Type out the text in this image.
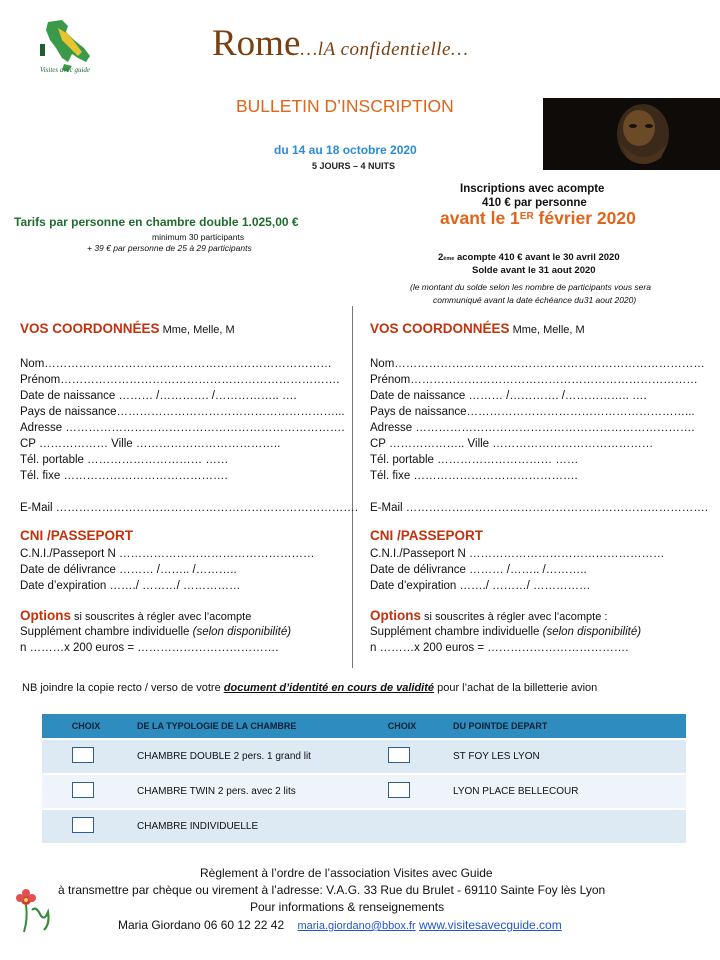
Visites avec guide
Rome…lA confidentielle…
BULLETIN D’INSCRIPTION
du 14 au 18 octobre 2020
5 JOURS – 4 NUITS
Inscriptions avec acompte
410 € par personne
avant le 1ER février 2020
Tarifs par personne en chambre double 1.025,00 €
minimum 30 participants
+ 39 € par personne de 25 à 29 participants
2ème acompte 410 € avant le 30 avril 2020
Solde avant le 31 aout 2020
(le montant du solde selon les nombre de participants vous sera
communiqué avant la date échéance du31 aout 2020)
VOS COORDONNÉES Mme, Melle, M
Nom…………………………………………………………………
Prénom……………………………………………………………….
Date de naissance ……… /…………. /…………….. ….
Pays de naissance…………………………………………………...
Adresse ……………………………………………………………….
CP ……………… Ville ………………………………..
Tél. portable ………………………… ……
Tél. fixe …………………………………….
E-Mail …………………………………………………………………….
CNI /PASSEPORT
C.N.I./Passeport N ……………………………………………
Date de délivrance ……… /…….. /………..
Date d’expiration ……./ ………/ ……………
Options si souscrites à régler avec l’acompte
Supplément chambre individuelle (selon disponibilité)
n ………x 200 euros = ……………………………….
VOS COORDONNÉES Mme, Melle, M
Nom………………………………………………………………………
Prénom…………………………………………………………………
Date de naissance ……… /…………. /…………….. ….
Pays de naissance…………………………………………………...
Adresse ……………………………………………………………….
CP ……………….. Ville ……………………………………
Tél. portable ………………………… ……
Tél. fixe …………………………………….
E-Mail …………………………………………………………………….
CNI /PASSEPORT
C.N.I./Passeport N ……………………………………………
Date de délivrance ……… /…….. /………..
Date d’expiration ……./ ………/ ……………
Options si souscrites à régler avec l’acompte :
Supplément chambre individuelle (selon disponibilité)
n ………x 200 euros = ……………………………….
NB joindre la copie recto / verso de votre document d’identité en cours de validité pour l’achat de la billetterie avion
CHOIX	DE LA TYPOLOGIE DE LA CHAMBRE	CHOIX	DU POINTDE DEPART
	CHAMBRE DOUBLE 2 pers. 1 grand lit		ST FOY LES LYON
	CHAMBRE TWIN 2 pers. avec 2 lits		LYON PLACE BELLECOUR
	CHAMBRE INDIVIDUELLE		
Règlement à l’ordre de l’association Visites avec Guide
à transmettre par chèque ou virement à l’adresse: V.A.G. 33 Rue du Brulet - 69110 Sainte Foy lès Lyon
Pour informations & renseignements
Maria Giordano 06 60 12 22 42 maria.giordano@bbox.fr www.visitesavecguide.com
